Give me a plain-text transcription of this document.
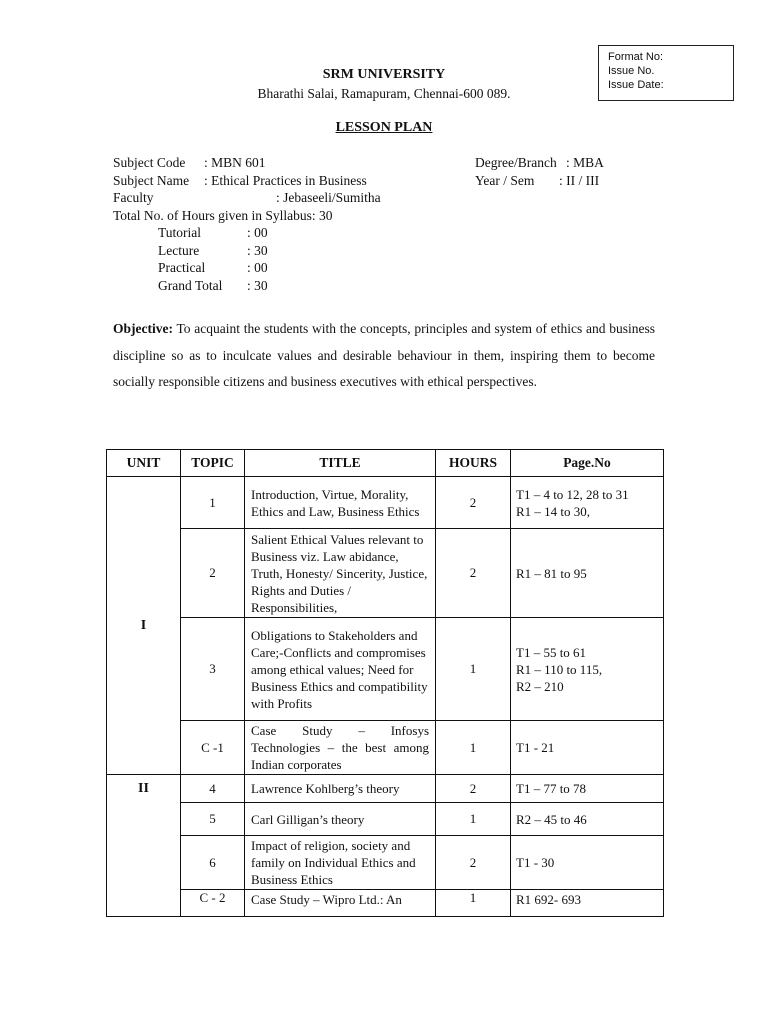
Format No:
Issue No.
Issue Date:
SRM UNIVERSITY
Bharathi Salai, Ramapuram, Chennai-600 089.
LESSON PLAN
Subject Code : MBN 601
Subject Name : Ethical Practices in Business
Faculty	: Jebaseeli/Sumitha
Total No. of Hours given in Syllabus: 30
Degree/Branch : MBA
Year / Sem : II / III
Tutorial	: 00
Lecture	: 30
Practical	: 00
Grand Total : 30
Objective: To acquaint the students with the concepts, principles and system of ethics and business discipline so as to inculcate values and desirable behaviour in them, inspiring them to become socially responsible citizens and business executives with ethical perspectives.
UNIT	TOPIC	TITLE	HOURS	Page.No
I	1	Introduction, Virtue, Morality, Ethics and Law, Business Ethics	2	T1 – 4 to 12, 28 to 31
R1 – 14 to 30,

	2	Salient Ethical Values relevant to Business viz. Law abidance, Truth, Honesty/ Sincerity, Justice, Rights and Duties / Responsibilities,	2	R1 – 81 to 95

	3	Obligations to Stakeholders and Care;-Conflicts and compromises among ethical values; Need for Business Ethics and compatibility with Profits	1	T1 – 55 to 61
R1 – 110 to 115,
R2 – 210

	C -1	Case Study – Infosys Technologies – the best among Indian corporates	1	T1 - 21

II	4	Lawrence Kohlberg’s theory	2	T1 – 77 to 78

	5	Carl Gilligan’s theory	1	R2 – 45 to 46

	6	Impact of religion, society and family on Individual Ethics and Business Ethics	2	T1 - 30

	C - 2	Case Study – Wipro Ltd.: An	1	R1 692- 693
